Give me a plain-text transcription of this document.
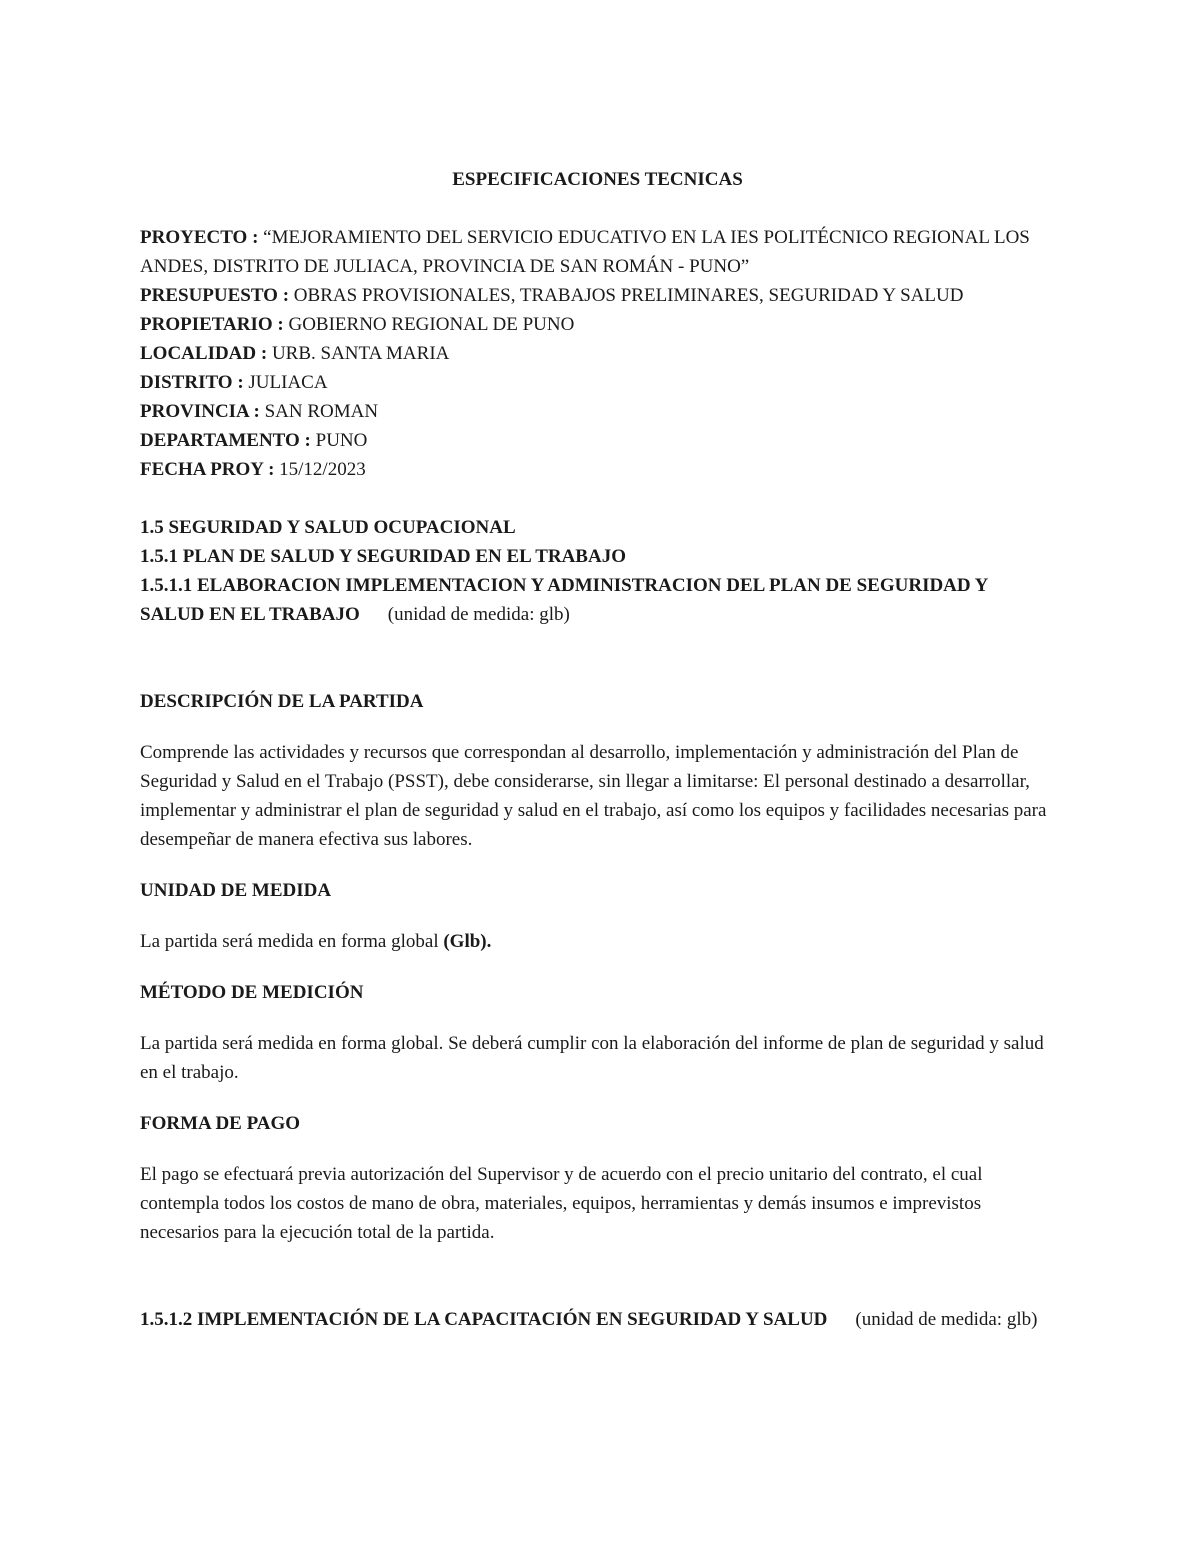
ESPECIFICACIONES TECNICAS

PROYECTO : “MEJORAMIENTO DEL SERVICIO EDUCATIVO EN LA IES POLITÉCNICO REGIONAL LOS ANDES, DISTRITO DE JULIACA, PROVINCIA DE SAN ROMÁN - PUNO”

PRESUPUESTO : OBRAS PROVISIONALES, TRABAJOS PRELIMINARES, SEGURIDAD Y SALUD

PROPIETARIO : GOBIERNO REGIONAL DE PUNO

LOCALIDAD : URB. SANTA MARIA

DISTRITO : JULIACA

PROVINCIA : SAN ROMAN

DEPARTAMENTO : PUNO

FECHA PROY : 15/12/2023

1.5 SEGURIDAD Y SALUD OCUPACIONAL

1.5.1 PLAN DE SALUD Y SEGURIDAD EN EL TRABAJO

1.5.1.1 ELABORACION IMPLEMENTACION Y ADMINISTRACION DEL PLAN DE SEGURIDAD Y SALUD EN EL TRABAJO (unidad de medida: glb)

DESCRIPCIÓN DE LA PARTIDA

Comprende las actividades y recursos que correspondan al desarrollo, implementación y administración del Plan de Seguridad y Salud en el Trabajo (PSST), debe considerarse, sin llegar a limitarse: El personal destinado a desarrollar, implementar y administrar el plan de seguridad y salud en el trabajo, así como los equipos y facilidades necesarias para desempeñar de manera efectiva sus labores.

UNIDAD DE MEDIDA

La partida será medida en forma global (Glb).

MÉTODO DE MEDICIÓN

La partida será medida en forma global. Se deberá cumplir con la elaboración del informe de plan de seguridad y salud en el trabajo.

FORMA DE PAGO

El pago se efectuará previa autorización del Supervisor y de acuerdo con el precio unitario del contrato, el cual contempla todos los costos de mano de obra, materiales, equipos, herramientas y demás insumos e imprevistos necesarios para la ejecución total de la partida.

1.5.1.2 IMPLEMENTACIÓN DE LA CAPACITACIÓN EN SEGURIDAD Y SALUD (unidad de medida: glb)
